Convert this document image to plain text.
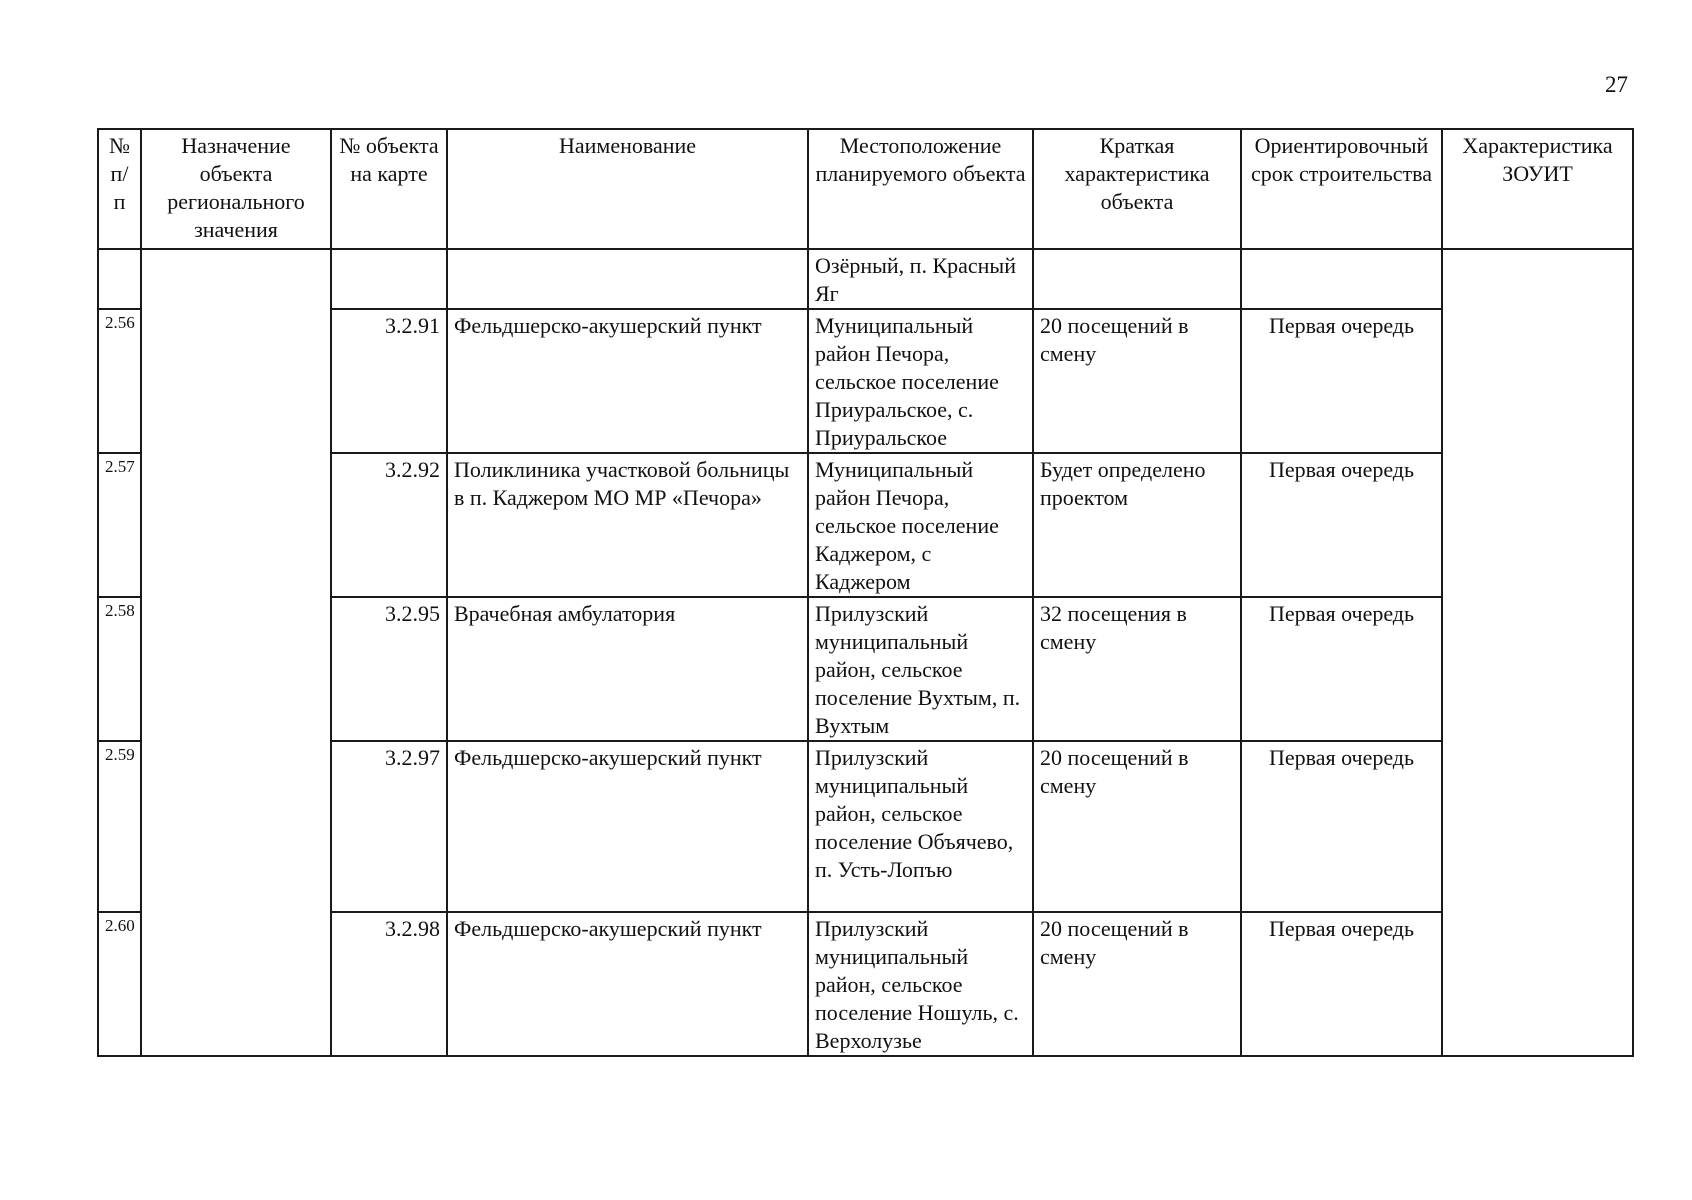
27
№ п/п	Назначение объекта регионального значения	№ объекта на карте	Наименование	Местоположение планируемого объекта	Краткая характеристика объекта	Ориентировочный срок строительства	Характеристика ЗОУИТ
				Озёрный, п. Красный Яг			
2.56		3.2.91	Фельдшерско-акушерский пункт	Муниципальный район Печора, сельское поселение Приуральское, с. Приуральское	20 посещений в смену	Первая очередь	
2.57		3.2.92	Поликлиника участковой больницы в п. Каджером МО МР «Печора»	Муниципальный район Печора, сельское поселение Каджером, с Каджером	Будет определено проектом	Первая очередь	
2.58		3.2.95	Врачебная амбулатория	Прилузский муниципальный район, сельское поселение Вухтым, п. Вухтым	32 посещения в смену	Первая очередь	
2.59		3.2.97	Фельдшерско-акушерский пункт	Прилузский муниципальный район, сельское поселение Объячево, п. Усть-Лопъю	20 посещений в смену	Первая очередь	
2.60		3.2.98	Фельдшерско-акушерский пункт	Прилузский муниципальный район, сельское поселение Ношуль, с. Верхолузье	20 посещений в смену	Первая очередь	
